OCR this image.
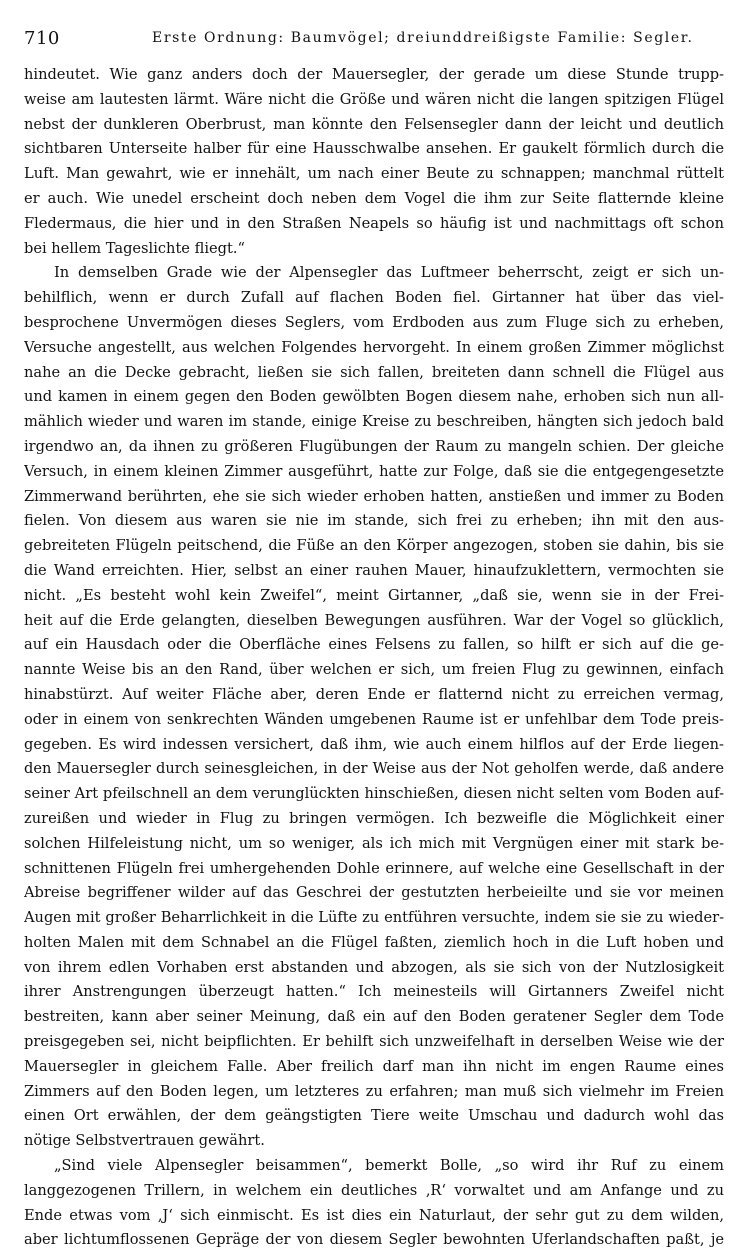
710	Erste Ordnung: Baumvögel; dreiunddreißigste Familie: Segler.
hindeutet. Wie ganz anders doch der Mauersegler, der gerade um diese Stunde trupp-
weise am lautesten lärmt. Wäre nicht die Größe und wären nicht die langen spitzigen Flügel
nebst der dunkleren Oberbrust, man könnte den Felsensegler dann der leicht und deutlich
sichtbaren Unterseite halber für eine Hausschwalbe ansehen. Er gaukelt förmlich durch die
Luft. Man gewahrt, wie er innehält, um nach einer Beute zu schnappen; manchmal rüttelt
er auch. Wie unedel erscheint doch neben dem Vogel die ihm zur Seite flatternde kleine
Fledermaus, die hier und in den Straßen Neapels so häufig ist und nachmittags oft schon
bei hellem Tageslichte fliegt.“
In demselben Grade wie der Alpensegler das Luftmeer beherrscht, zeigt er sich un-
behilflich, wenn er durch Zufall auf flachen Boden fiel. Girtanner hat über das viel-
besprochene Unvermögen dieses Seglers, vom Erdboden aus zum Fluge sich zu erheben,
Versuche angestellt, aus welchen Folgendes hervorgeht. In einem großen Zimmer möglichst
nahe an die Decke gebracht, ließen sie sich fallen, breiteten dann schnell die Flügel aus
und kamen in einem gegen den Boden gewölbten Bogen diesem nahe, erhoben sich nun all-
mählich wieder und waren im stande, einige Kreise zu beschreiben, hängten sich jedoch bald
irgendwo an, da ihnen zu größeren Flugübungen der Raum zu mangeln schien. Der gleiche
Versuch, in einem kleinen Zimmer ausgeführt, hatte zur Folge, daß sie die entgegengesetzte
Zimmerwand berührten, ehe sie sich wieder erhoben hatten, anstießen und immer zu Boden
fielen. Von diesem aus waren sie nie im stande, sich frei zu erheben; ihn mit den aus-
gebreiteten Flügeln peitschend, die Füße an den Körper angezogen, stoben sie dahin, bis sie
die Wand erreichten. Hier, selbst an einer rauhen Mauer, hinaufzuklettern, vermochten sie
nicht. „Es besteht wohl kein Zweifel“, meint Girtanner, „daß sie, wenn sie in der Frei-
heit auf die Erde gelangten, dieselben Bewegungen ausführen. War der Vogel so glücklich,
auf ein Hausdach oder die Oberfläche eines Felsens zu fallen, so hilft er sich auf die ge-
nannte Weise bis an den Rand, über welchen er sich, um freien Flug zu gewinnen, einfach
hinabstürzt. Auf weiter Fläche aber, deren Ende er flatternd nicht zu erreichen vermag,
oder in einem von senkrechten Wänden umgebenen Raume ist er unfehlbar dem Tode preis-
gegeben. Es wird indessen versichert, daß ihm, wie auch einem hilflos auf der Erde liegen-
den Mauersegler durch seinesgleichen, in der Weise aus der Not geholfen werde, daß andere
seiner Art pfeilschnell an dem verunglückten hinschießen, diesen nicht selten vom Boden auf-
zureißen und wieder in Flug zu bringen vermögen. Ich bezweifle die Möglichkeit einer
solchen Hilfeleistung nicht, um so weniger, als ich mich mit Vergnügen einer mit stark be-
schnittenen Flügeln frei umhergehenden Dohle erinnere, auf welche eine Gesellschaft in der
Abreise begriffener wilder auf das Geschrei der gestutzten herbeieilte und sie vor meinen
Augen mit großer Beharrlichkeit in die Lüfte zu entführen versuchte, indem sie sie zu wieder-
holten Malen mit dem Schnabel an die Flügel faßten, ziemlich hoch in die Luft hoben und
von ihrem edlen Vorhaben erst abstanden und abzogen, als sie sich von der Nutzlosigkeit
ihrer Anstrengungen überzeugt hatten.“ Ich meinesteils will Girtanners Zweifel nicht
bestreiten, kann aber seiner Meinung, daß ein auf den Boden geratener Segler dem Tode
preisgegeben sei, nicht beipflichten. Er behilft sich unzweifelhaft in derselben Weise wie der
Mauersegler in gleichem Falle. Aber freilich darf man ihn nicht im engen Raume eines
Zimmers auf den Boden legen, um letzteres zu erfahren; man muß sich vielmehr im Freien
einen Ort erwählen, der dem geängstigten Tiere weite Umschau und dadurch wohl das
nötige Selbstvertrauen gewährt.
„Sind viele Alpensegler beisammen“, bemerkt Bolle, „so wird ihr Ruf zu einem
langgezogenen Trillern, in welchem ein deutliches ‚R‘ vorwaltet und am Anfange und zu
Ende etwas vom ‚J‘ sich einmischt. Es ist dies ein Naturlaut, der sehr gut zu dem wilden,
aber lichtumflossenen Gepräge der von diesem Segler bewohnten Uferlandschaften paßt, je
